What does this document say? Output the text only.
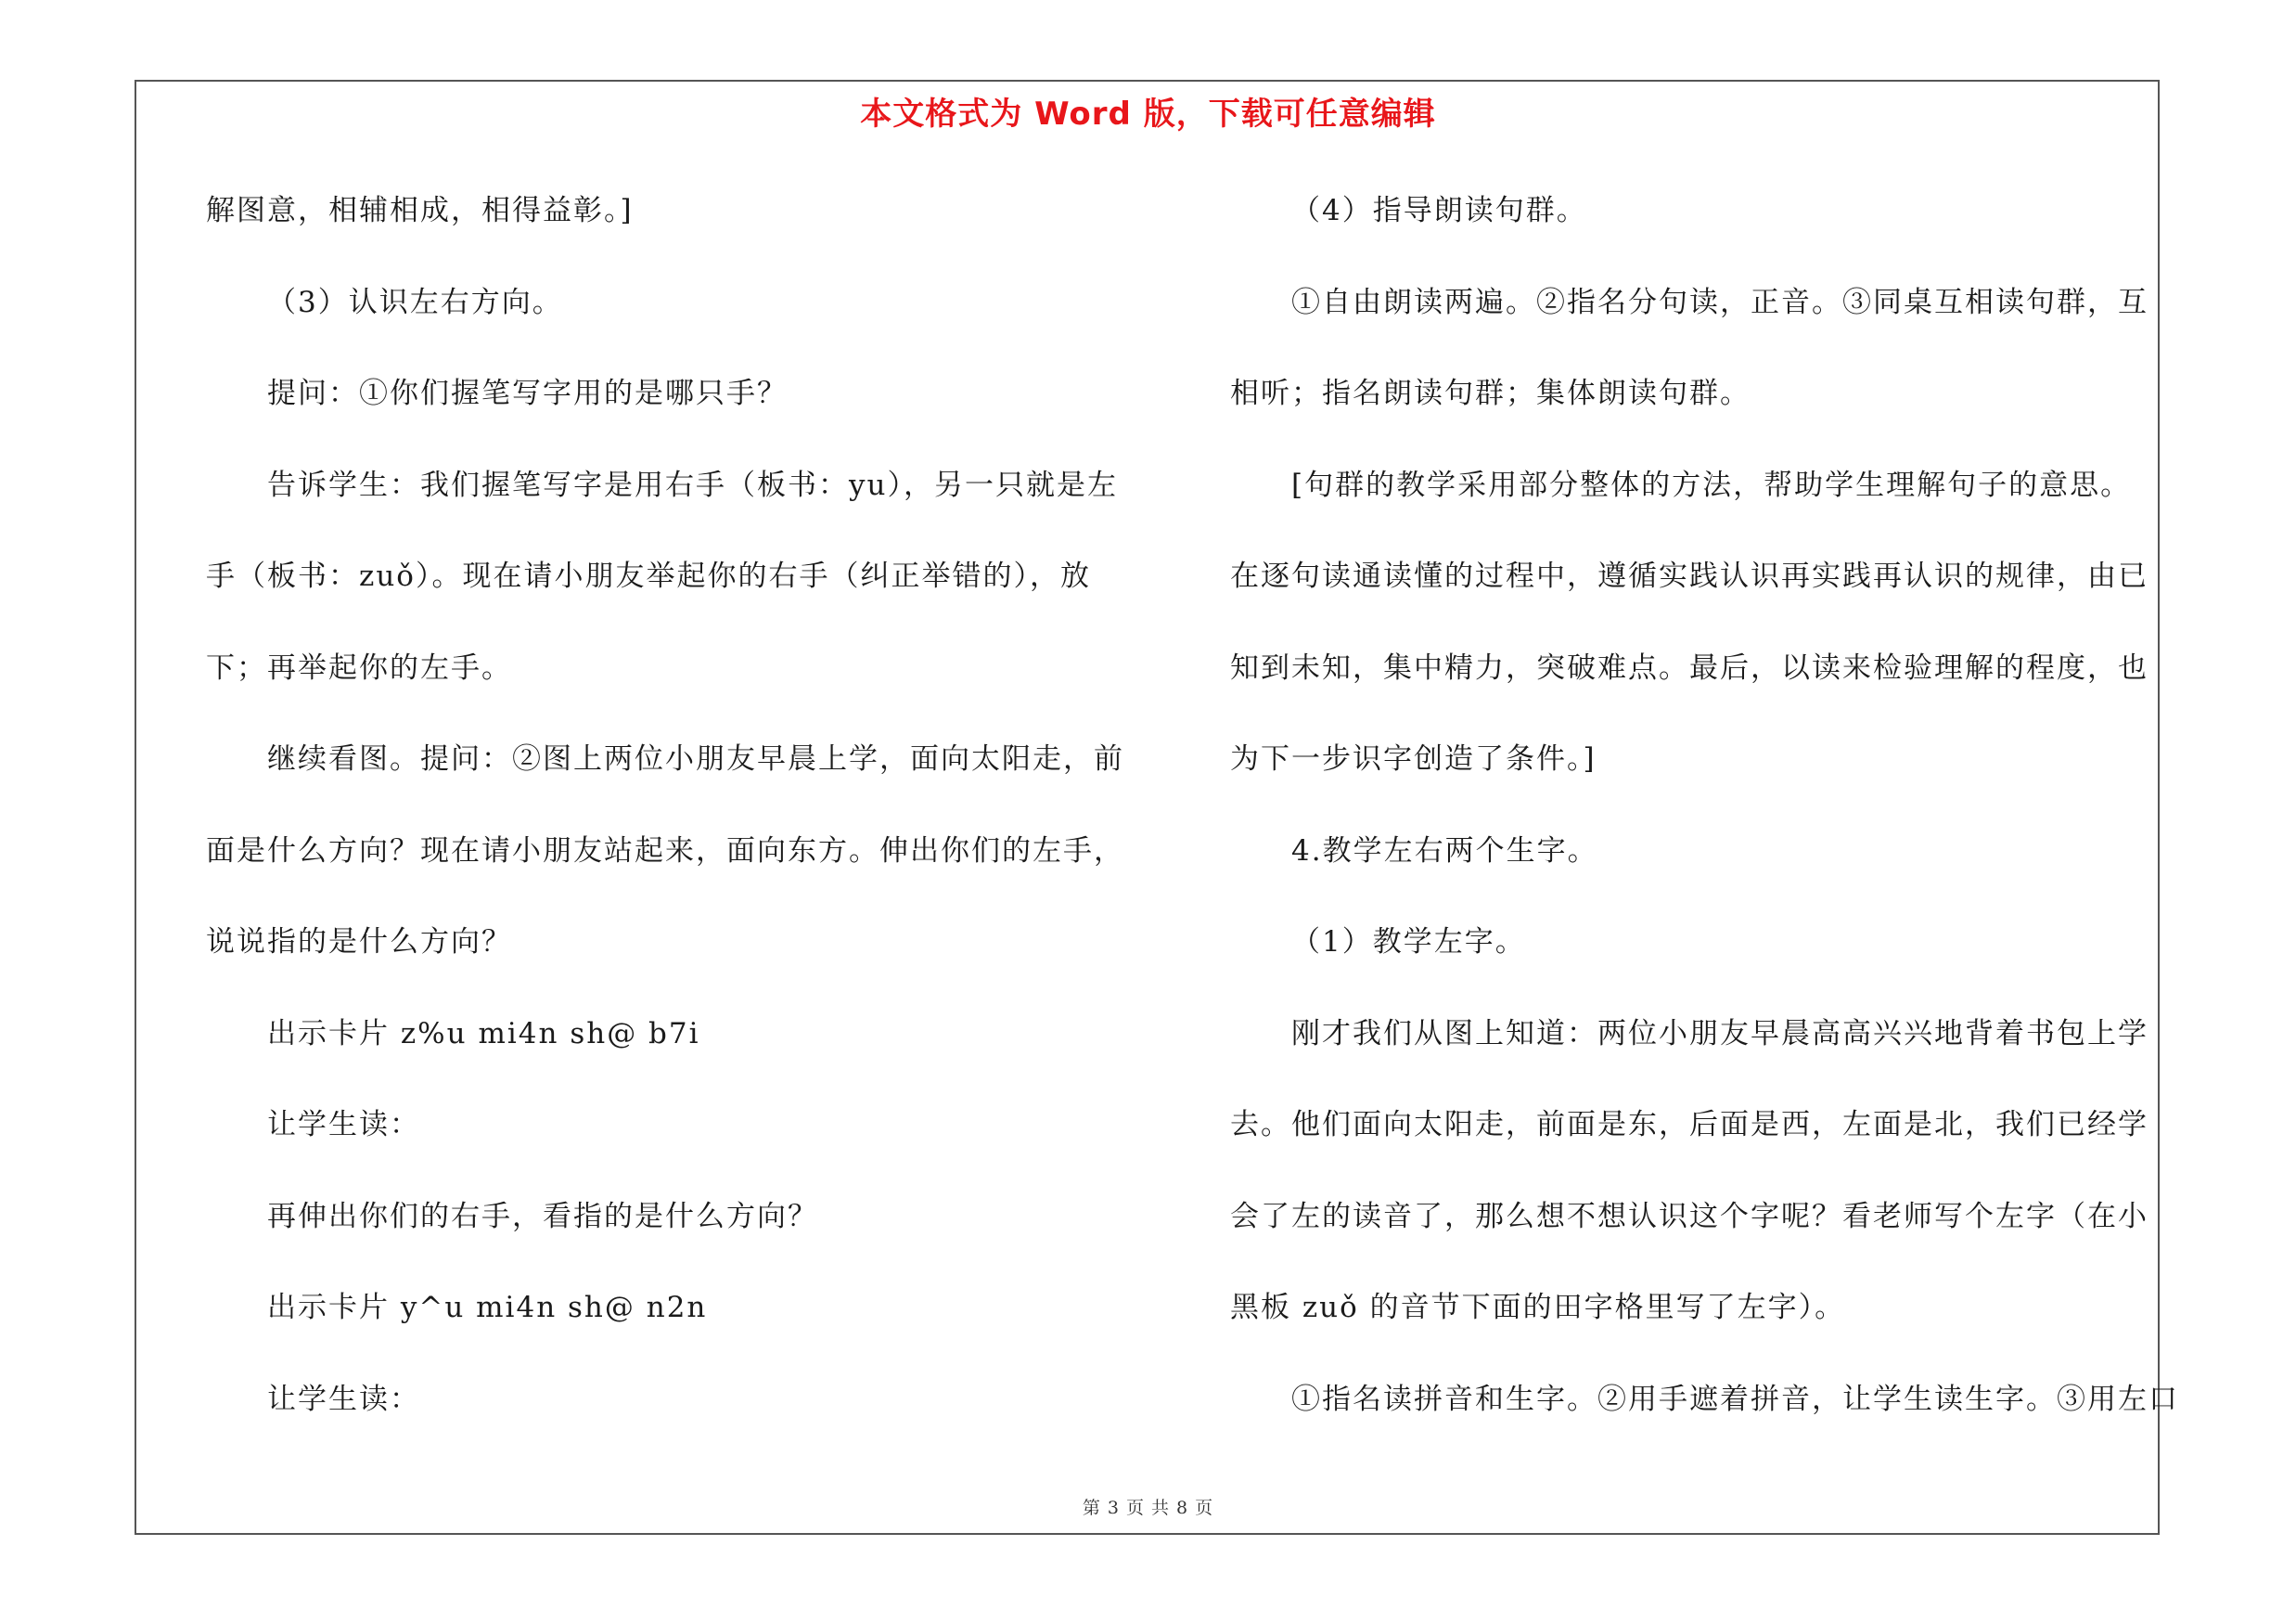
本文格式为 Word 版，下载可任意编辑
解图意，相辅相成，相得益彰。]
（3）认识左右方向。
提问：①你们握笔写字用的是哪只手？
告诉学生：我们握笔写字是用右手（板书：yu），另一只就是左
手（板书：zuǒ）。现在请小朋友举起你的右手（纠正举错的），放
下；再举起你的左手。
继续看图。提问：②图上两位小朋友早晨上学，面向太阳走，前
面是什么方向？现在请小朋友站起来，面向东方。伸出你们的左手，
说说指的是什么方向？
出示卡片 z%u mi4n sh@ b7i
让学生读：
再伸出你们的右手，看指的是什么方向？
出示卡片 y^u mi4n sh@ n2n
让学生读：
（4）指导朗读句群。
①自由朗读两遍。②指名分句读，正音。③同桌互相读句群，互
相听；指名朗读句群；集体朗读句群。
[句群的教学采用部分整体的方法，帮助学生理解句子的意思。
在逐句读通读懂的过程中，遵循实践认识再实践再认识的规律，由已
知到未知，集中精力，突破难点。最后，以读来检验理解的程度，也
为下一步识字创造了条件。]
4.教学左右两个生字。
（1）教学左字。
刚才我们从图上知道：两位小朋友早晨高高兴兴地背着书包上学
去。他们面向太阳走，前面是东，后面是西，左面是北，我们已经学
会了左的读音了，那么想不想认识这个字呢？看老师写个左字（在小
黑板 zuǒ 的音节下面的田字格里写了左字）。
①指名读拼音和生字。②用手遮着拼音，让学生读生字。③用左口
第 3 页 共 8 页
